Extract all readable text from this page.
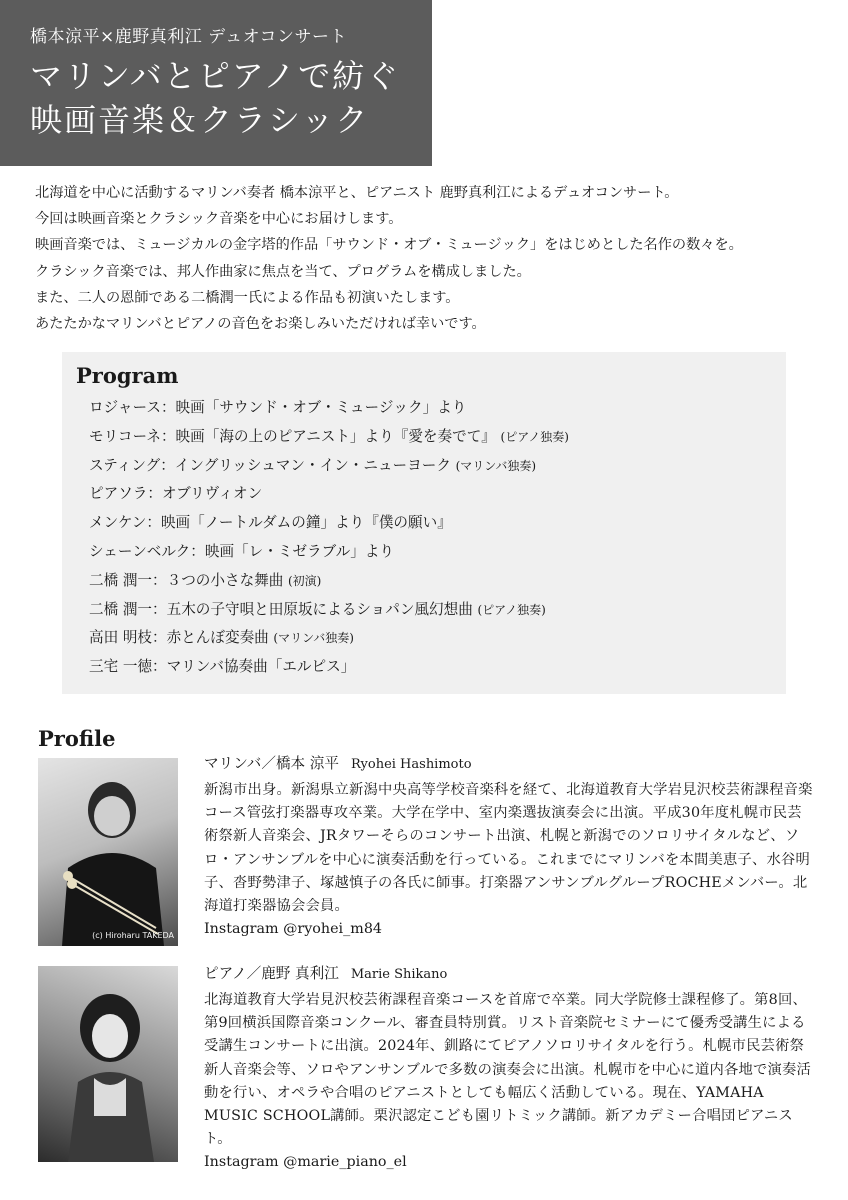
橋本涼平×鹿野真利江 デュオコンサート
マリンバとピアノで紡ぐ
映画音楽＆クラシック
北海道を中心に活動するマリンバ奏者 橋本涼平と、ピアニスト 鹿野真利江によるデュオコンサート。
今回は映画音楽とクラシック音楽を中心にお届けします。
映画音楽では、ミュージカルの金字塔的作品「サウンド・オブ・ミュージック」をはじめとした名作の数々を。
クラシック音楽では、邦人作曲家に焦点を当て、プログラムを構成しました。
また、二人の恩師である二橋潤一氏による作品も初演いたします。
あたたかなマリンバとピアノの音色をお楽しみいただければ幸いです。
Program
ロジャース：映画「サウンド・オブ・ミュージック」より
モリコーネ：映画「海の上のピアニスト」より『愛を奏でて』 (ピアノ独奏)
スティング：イングリッシュマン・イン・ニューヨーク (マリンバ独奏)
ピアソラ：オブリヴィオン
メンケン：映画「ノートルダムの鐘」より『僕の願い』
シェーンベルク：映画「レ・ミゼラブル」より
二橋 潤一：３つの小さな舞曲 (初演)
二橋 潤一：五木の子守唄と田原坂によるショパン風幻想曲 (ピアノ独奏)
高田 明枝：赤とんぼ変奏曲 (マリンバ独奏)
三宅 一徳：マリンバ協奏曲「エルピス」
Profile
(c) Hiroharu TAKEDA
マリンバ／橋本 涼平 Ryohei Hashimoto
新潟市出身。新潟県立新潟中央高等学校音楽科を経て、北海道教育大学岩見沢校芸術課程音楽コース管弦打楽器専攻卒業。大学在学中、室内楽選抜演奏会に出演。平成30年度札幌市民芸術祭新人音楽会、JRタワーそらのコンサート出演、札幌と新潟でのソロリサイタルなど、ソロ・アンサンブルを中心に演奏活動を行っている。これまでにマリンバを本間美恵子、水谷明子、沓野勢津子、塚越慎子の各氏に師事。打楽器アンサンブルグループROCHEメンバー。北海道打楽器協会会員。
Instagram @ryohei_m84
ピアノ／鹿野 真利江 Marie Shikano
北海道教育大学岩見沢校芸術課程音楽コースを首席で卒業。同大学院修士課程修了。第8回、第9回横浜国際音楽コンクール、審査員特別賞。リスト音楽院セミナーにて優秀受講生による受講生コンサートに出演。2024年、釧路にてピアノソロリサイタルを行う。札幌市民芸術祭新人音楽会等、ソロやアンサンブルで多数の演奏会に出演。札幌市を中心に道内各地で演奏活動を行い、オペラや合唱のピアニストとしても幅広く活動している。現在、YAMAHA MUSIC SCHOOL講師。栗沢認定こども園リトミック講師。新アカデミー合唱団ピアニスト。
Instagram @marie_piano_el
